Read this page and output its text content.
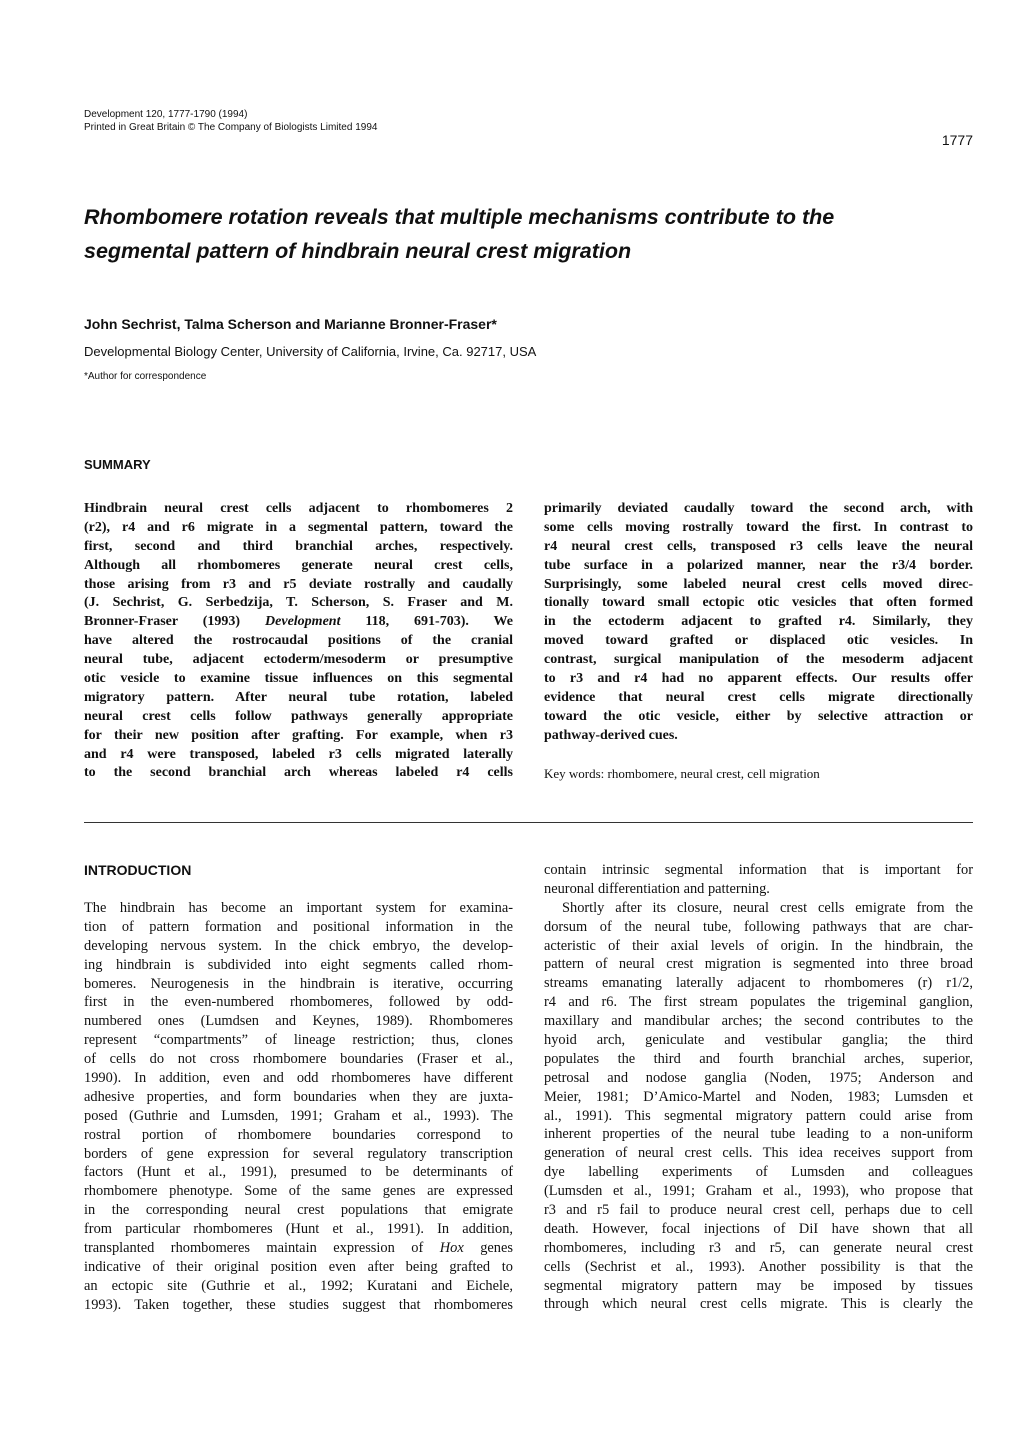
Development 120, 1777-1790 (1994)
Printed in Great Britain © The Company of Biologists Limited 1994
1777
Rhombomere rotation reveals that multiple mechanisms contribute to the
segmental pattern of hindbrain neural crest migration
John Sechrist, Talma Scherson and Marianne Bronner-Fraser*
Developmental Biology Center, University of California, Irvine, Ca. 92717, USA
*Author for correspondence
SUMMARY
Hindbrain neural crest cells adjacent to rhombomeres 2
(r2), r4 and r6 migrate in a segmental pattern, toward the
first, second and third branchial arches, respectively.
Although all rhombomeres generate neural crest cells,
those arising from r3 and r5 deviate rostrally and caudally
(J. Sechrist, G. Serbedzija, T. Scherson, S. Fraser and M.
Bronner-Fraser (1993) Development 118, 691-703). We
have altered the rostrocaudal positions of the cranial
neural tube, adjacent ectoderm/mesoderm or presumptive
otic vesicle to examine tissue influences on this segmental
migratory pattern. After neural tube rotation, labeled
neural crest cells follow pathways generally appropriate
for their new position after grafting. For example, when r3
and r4 were transposed, labeled r3 cells migrated laterally
to the second branchial arch whereas labeled r4 cells
primarily deviated caudally toward the second arch, with
some cells moving rostrally toward the first. In contrast to
r4 neural crest cells, transposed r3 cells leave the neural
tube surface in a polarized manner, near the r3/4 border.
Surprisingly, some labeled neural crest cells moved direc-
tionally toward small ectopic otic vesicles that often formed
in the ectoderm adjacent to grafted r4. Similarly, they
moved toward grafted or displaced otic vesicles. In
contrast, surgical manipulation of the mesoderm adjacent
to r3 and r4 had no apparent effects. Our results offer
evidence that neural crest cells migrate directionally
toward the otic vesicle, either by selective attraction or
pathway-derived cues.
Key words: rhombomere, neural crest, cell migration
INTRODUCTION
The hindbrain has become an important system for examina-
tion of pattern formation and positional information in the
developing nervous system. In the chick embryo, the develop-
ing hindbrain is subdivided into eight segments called rhom-
bomeres. Neurogenesis in the hindbrain is iterative, occurring
first in the even-numbered rhombomeres, followed by odd-
numbered ones (Lumdsen and Keynes, 1989). Rhombomeres
represent “compartments” of lineage restriction; thus, clones
of cells do not cross rhombomere boundaries (Fraser et al.,
1990). In addition, even and odd rhombomeres have different
adhesive properties, and form boundaries when they are juxta-
posed (Guthrie and Lumsden, 1991; Graham et al., 1993). The
rostral portion of rhombomere boundaries correspond to
borders of gene expression for several regulatory transcription
factors (Hunt et al., 1991), presumed to be determinants of
rhombomere phenotype. Some of the same genes are expressed
in the corresponding neural crest populations that emigrate
from particular rhombomeres (Hunt et al., 1991). In addition,
transplanted rhombomeres maintain expression of Hox genes
indicative of their original position even after being grafted to
an ectopic site (Guthrie et al., 1992; Kuratani and Eichele,
1993). Taken together, these studies suggest that rhombomeres
contain intrinsic segmental information that is important for
neuronal differentiation and patterning.
Shortly after its closure, neural crest cells emigrate from the
dorsum of the neural tube, following pathways that are char-
acteristic of their axial levels of origin. In the hindbrain, the
pattern of neural crest migration is segmented into three broad
streams emanating laterally adjacent to rhombomeres (r) r1/2,
r4 and r6. The first stream populates the trigeminal ganglion,
maxillary and mandibular arches; the second contributes to the
hyoid arch, geniculate and vestibular ganglia; the third
populates the third and fourth branchial arches, superior,
petrosal and nodose ganglia (Noden, 1975; Anderson and
Meier, 1981; D’Amico-Martel and Noden, 1983; Lumsden et
al., 1991). This segmental migratory pattern could arise from
inherent properties of the neural tube leading to a non-uniform
generation of neural crest cells. This idea receives support from
dye labelling experiments of Lumsden and colleagues
(Lumsden et al., 1991; Graham et al., 1993), who propose that
r3 and r5 fail to produce neural crest cell, perhaps due to cell
death. However, focal injections of DiI have shown that all
rhombomeres, including r3 and r5, can generate neural crest
cells (Sechrist et al., 1993). Another possibility is that the
segmental migratory pattern may be imposed by tissues
through which neural crest cells migrate. This is clearly the
